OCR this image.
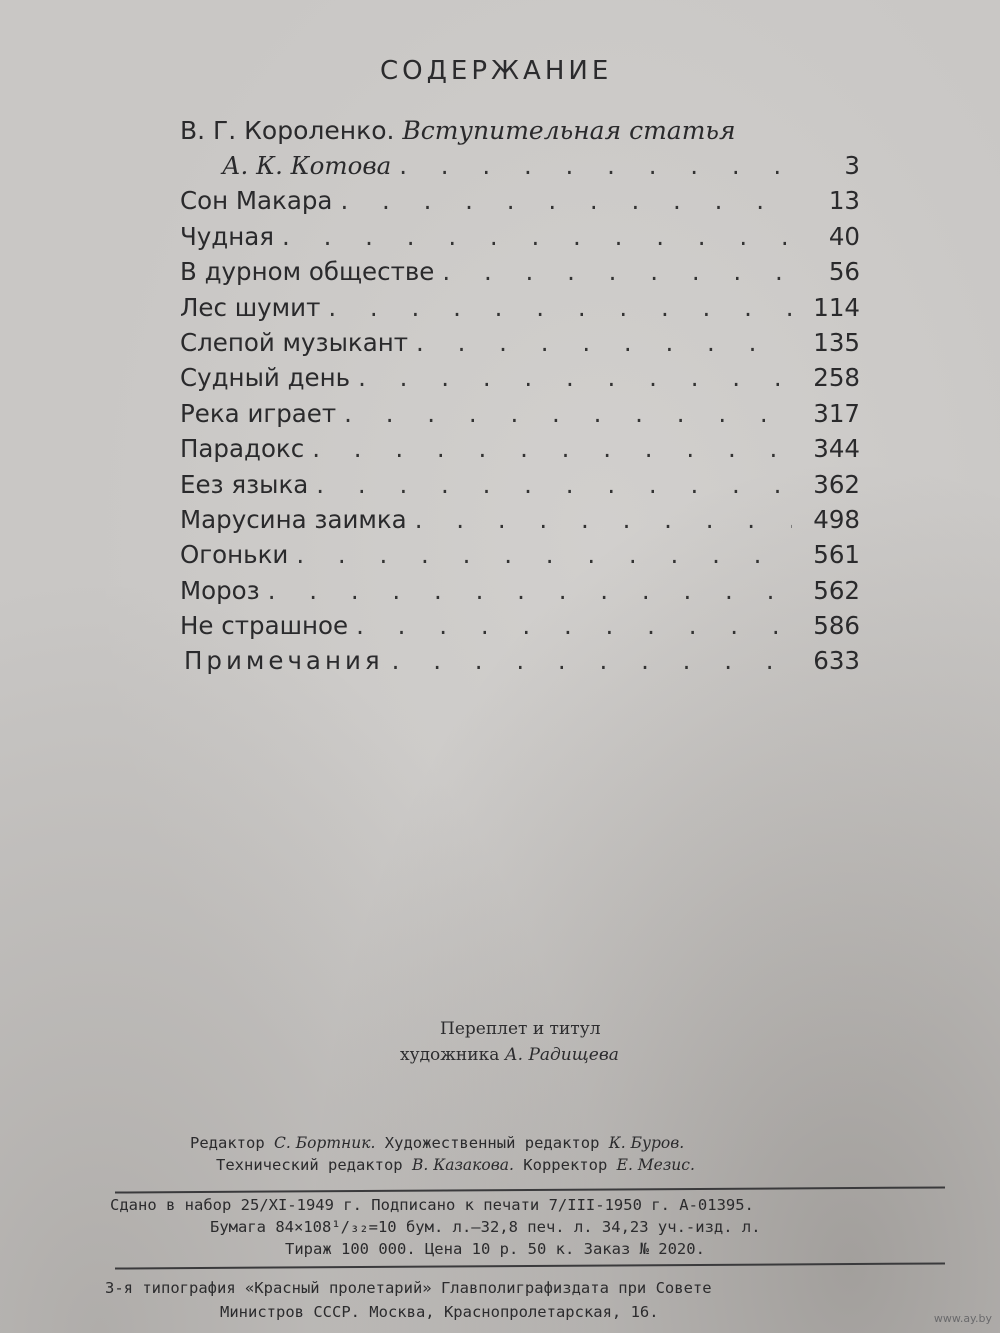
СОДЕРЖАНИЕ
В. Г. Короленко. Вступительная статья
А. К. Котова . . .	3
Сон Макара . . .	13
Чудная . . .	40
В дурном обществе . . .	56
Лес шумит . . .	114
Слепой музыкант . . .	135
Судный день . . .	258
Река играет . . .	317
Парадокс . . .	344
Еез языка . . .	362
Марусина заимка . . .	498
Огоньки . . .	561
Мороз . . .	562
Не страшное . . .	586
Примечания . . .	633
Переплет и титул
художника А. Радищева
Редактор С. Бортник. Художественный редактор К. Буров.
Технический редактор В. Казакова. Корректор Е. Мезис.
Сдано в набор 25/XI-1949 г. Подписано к печати 7/III-1950 г. А-01395.
Бумага 84×108¹/₃₂=10 бум. л.—32,8 печ. л. 34,23 уч.-изд. л.
Тираж 100 000. Цена 10 р. 50 к. Заказ № 2020.
3-я типография «Красный пролетарий» Главполиграфиздата при Совете
Министров СССР. Москва, Краснопролетарская, 16.	www.ay.by
